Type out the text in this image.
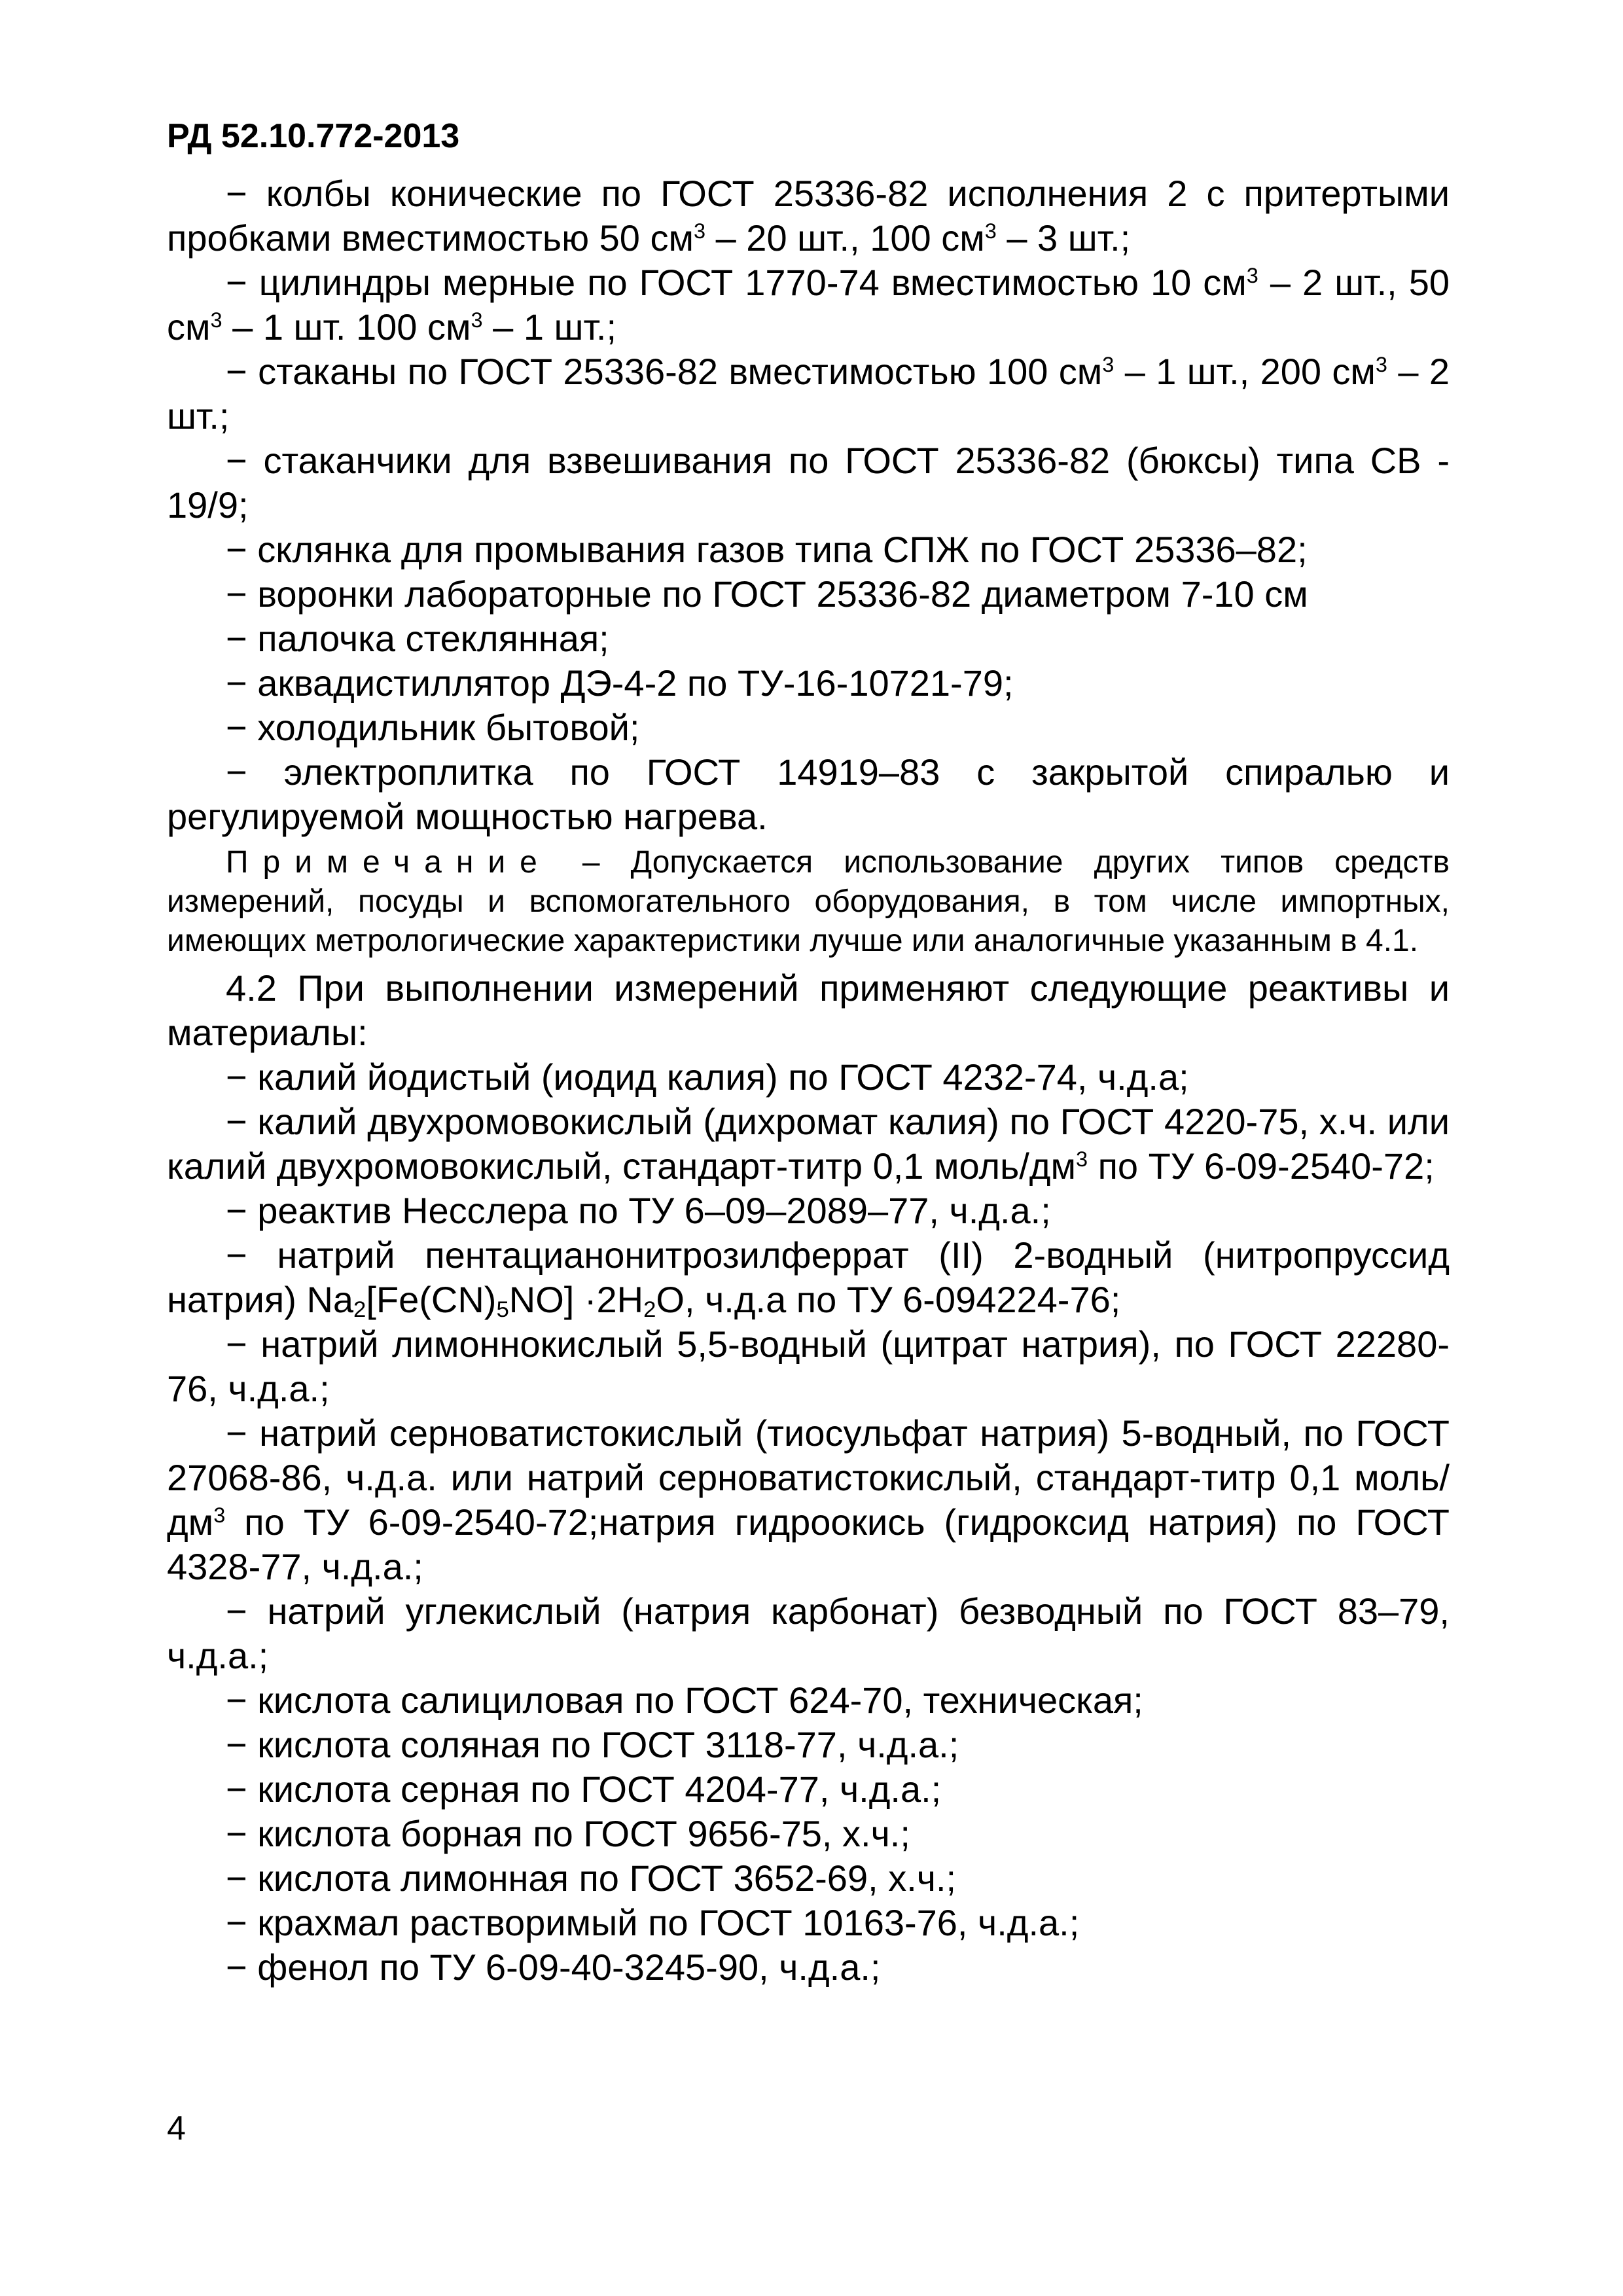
РД 52.10.772-2013

− колбы конические по ГОСТ 25336-82 исполнения 2 с притертыми пробками вместимостью 50 $см^3 - 20$ шт., 100 $см^3 - 3$ шт.;

− цилиндры мерные по ГОСТ 1770-74 вместимостью 10 $см^3 - 2$ шт., 50 $см^3 - 1$ шт. 100 $см^3 - 1$ шт.;

− стаканы по ГОСТ 25336-82 вместимостью 100 $см^3 - 1$ шт., 200 $см^3 - 2$ шт.;

− стаканчики для взвешивания по ГОСТ 25336-82 (бюксы) типа СВ - 19/9;

− склянка для промывания газов типа СПЖ по ГОСТ 25336–82;

− воронки лабораторные по ГОСТ 25336-82 диаметром 7-10 см

− палочка стеклянная;

− аквадистиллятор ДЭ-4-2 по ТУ-16-10721-79;

− холодильник бытовой;

− электроплитка по ГОСТ 14919–83 с закрытой спиралью и регулируемой мощностью нагрева.

Примечание – Допускается использование других типов средств измерений, посуды и вспомогательного оборудования, в том числе импортных, имеющих метрологические характеристики лучше или аналогичные указанным в 4.1.

4.2 При выполнении измерений применяют следующие реактивы и материалы:

− калий йодистый (иодид калия) по ГОСТ 4232-74, ч.д.а;

− калий двухромовокислый (дихромат калия) по ГОСТ 4220-75, х.ч. или калий двухромовокислый, стандарт-титр 0,1 моль/$дм^3$ по ТУ 6-09-2540-72;

− реактив Несслера по ТУ 6–09–2089–77, ч.д.а.;

− натрий пентацианонитрозилферрат (II) 2-водный (нитропруссид натрия) $Na_2[Fe(CN)_5NO] \cdot 2H_2O$, ч.д.а по ТУ 6-094224-76;

− натрий лимоннокислый 5,5-водный (цитрат натрия), по ГОСТ 22280-76, ч.д.а.;

− натрий серноватистокислый (тиосульфат натрия) 5-водный, по ГОСТ 27068-86, ч.д.а. или натрий серноватистокислый, стандарт-титр 0,1 моль/$дм^3$ по ТУ 6-09-2540-72;натрия гидроокись (гидроксид натрия) по ГОСТ 4328-77, ч.д.а.;

− натрий углекислый (натрия карбонат) безводный по ГОСТ 83–79, ч.д.а.;

− кислота салициловая по ГОСТ 624-70, техническая;

− кислота соляная по ГОСТ 3118-77, ч.д.а.;

− кислота серная по ГОСТ 4204-77, ч.д.а.;

− кислота борная по ГОСТ 9656-75, х.ч.;

− кислота лимонная по ГОСТ 3652-69, х.ч.;

− крахмал растворимый по ГОСТ 10163-76, ч.д.а.;

− фенол по ТУ 6-09-40-3245-90, ч.д.а.;

4
